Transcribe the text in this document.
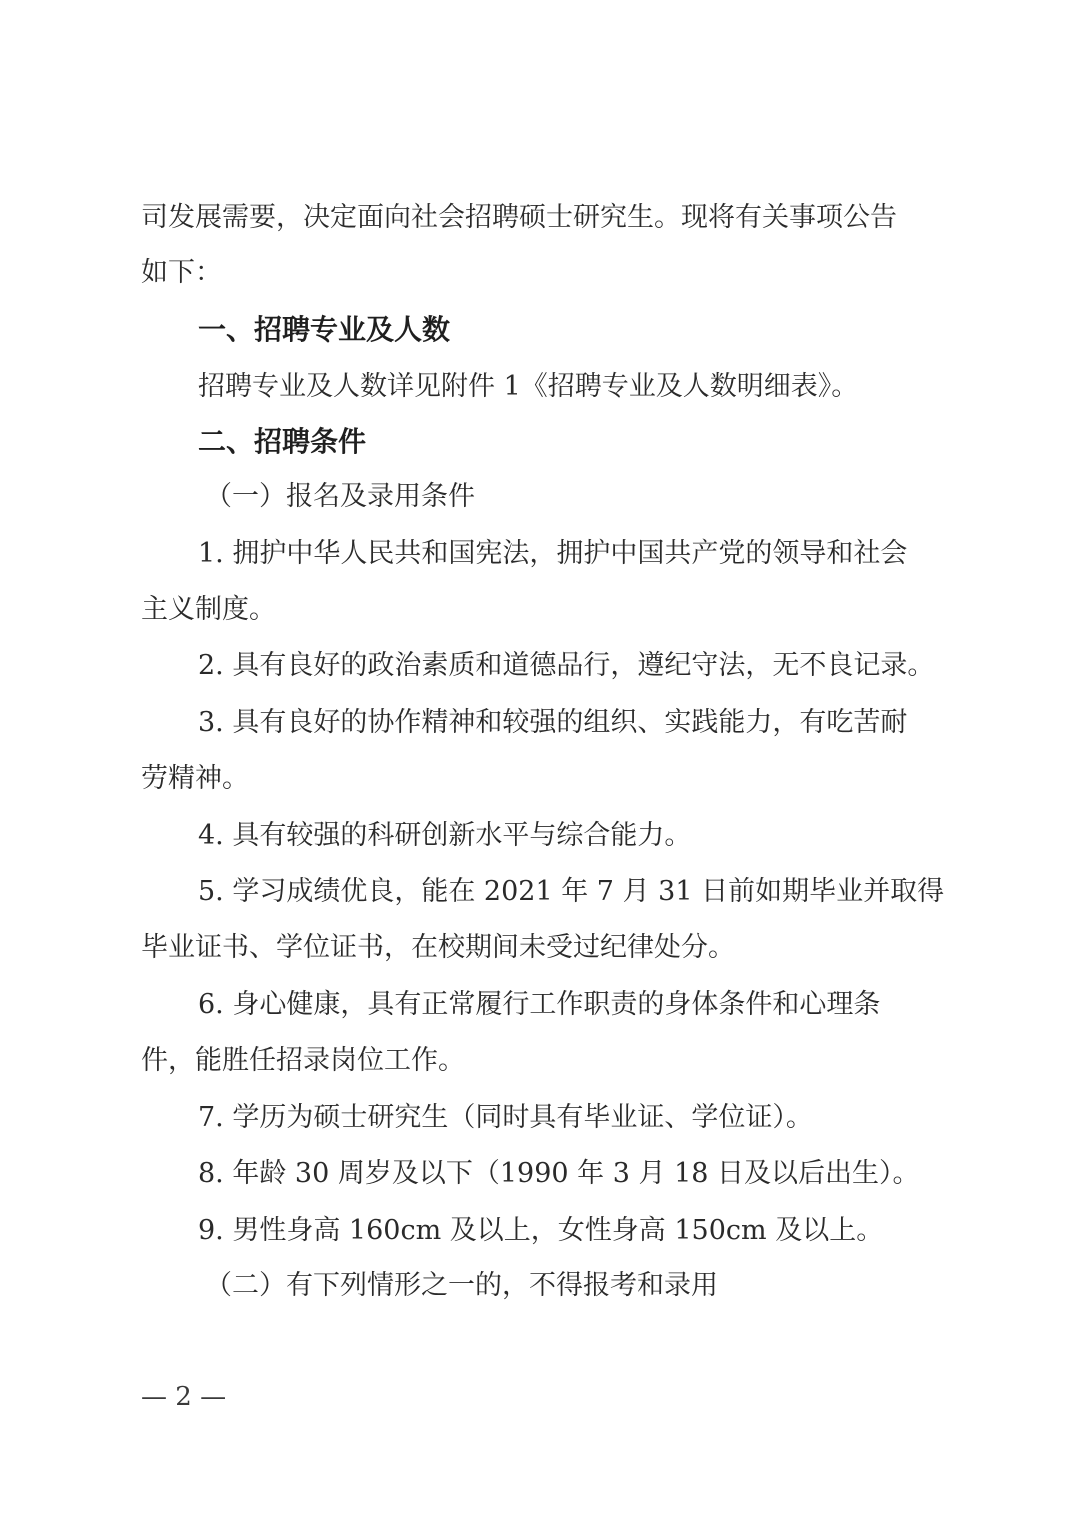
司发展需要，决定面向社会招聘硕士研究生。现将有关事项公告
如下：
一、招聘专业及人数
招聘专业及人数详见附件 1《招聘专业及人数明细表》。
二、招聘条件
（一）报名及录用条件
1. 拥护中华人民共和国宪法，拥护中国共产党的领导和社会
主义制度。
2. 具有良好的政治素质和道德品行，遵纪守法，无不良记录。
3. 具有良好的协作精神和较强的组织、实践能力，有吃苦耐
劳精神。
4. 具有较强的科研创新水平与综合能力。
5. 学习成绩优良，能在 2021 年 7 月 31 日前如期毕业并取得
毕业证书、学位证书，在校期间未受过纪律处分。
6. 身心健康，具有正常履行工作职责的身体条件和心理条
件，能胜任招录岗位工作。
7. 学历为硕士研究生（同时具有毕业证、学位证）。
8. 年龄 30 周岁及以下（1990 年 3 月 18 日及以后出生）。
9. 男性身高 160cm 及以上，女性身高 150cm 及以上。
（二）有下列情形之一的，不得报考和录用
— 2 —
